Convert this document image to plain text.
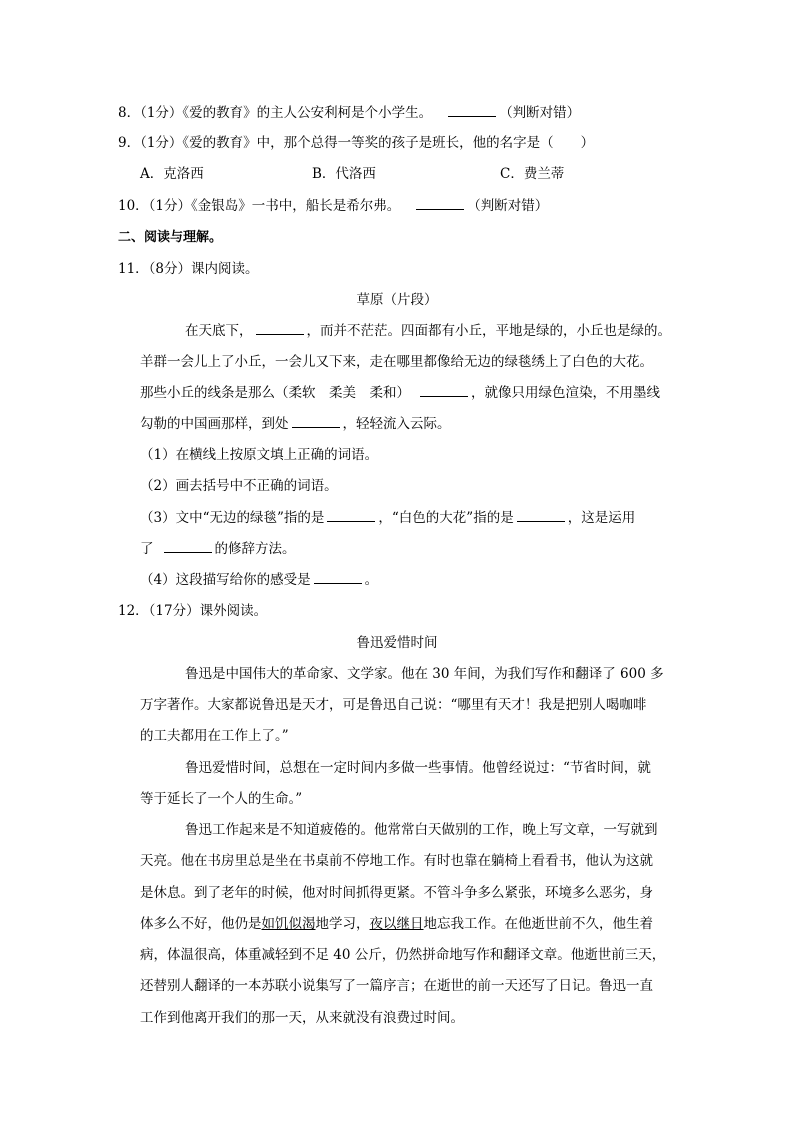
8．（1分）《爱的教育》的主人公安利柯是个小学生。	（判断对错）
9．（1分）《爱的教育》中，那个总得一等奖的孩子是班长，他的名字是（　　）
A．克洛西	B．代洛西	C．费兰蒂
10．（1分）《金银岛》一书中，船长是希尔弗。	（判断对错）
二、阅读与理解。
11．（8分）课内阅读。
草原（片段）
在天底下，	，而并不茫茫。四面都有小丘，平地是绿的，小丘也是绿的。
羊群一会儿上了小丘，一会儿又下来，走在哪里都像给无边的绿毯绣上了白色的大花。
那些小丘的线条是那么（柔软　柔美　柔和）	，就像只用绿色渲染，不用墨线
勾勒的中国画那样，到处	，轻轻流入云际。
（1）在横线上按原文填上正确的词语。
（2）画去括号中不正确的词语。
（3）文中“无边的绿毯”指的是	，“白色的大花”指的是	，这是运用
了	的修辞方法。
（4）这段描写给你的感受是	。
12．（17分）课外阅读。
鲁迅爱惜时间
鲁迅是中国伟大的革命家、文学家。他在 30 年间，为我们写作和翻译了 600 多
万字著作。大家都说鲁迅是天才，可是鲁迅自己说：“哪里有天才！我是把别人喝咖啡
的工夫都用在工作上了。”
鲁迅爱惜时间，总想在一定时间内多做一些事情。他曾经说过：“节省时间，就
等于延长了一个人的生命。”
鲁迅工作起来是不知道疲倦的。他常常白天做别的工作，晚上写文章，一写就到
天亮。他在书房里总是坐在书桌前不停地工作。有时也靠在躺椅上看看书，他认为这就
是休息。到了老年的时候，他对时间抓得更紧。不管斗争多么紧张，环境多么恶劣，身
体多么不好，他仍是如饥似渴地学习，夜以继日地忘我工作。在他逝世前不久，他生着
病，体温很高，体重减轻到不足 40 公斤，仍然拼命地写作和翻译文章。他逝世前三天，
还替别人翻译的一本苏联小说集写了一篇序言；在逝世的前一天还写了日记。鲁迅一直
工作到他离开我们的那一天，从来就没有浪费过时间。
